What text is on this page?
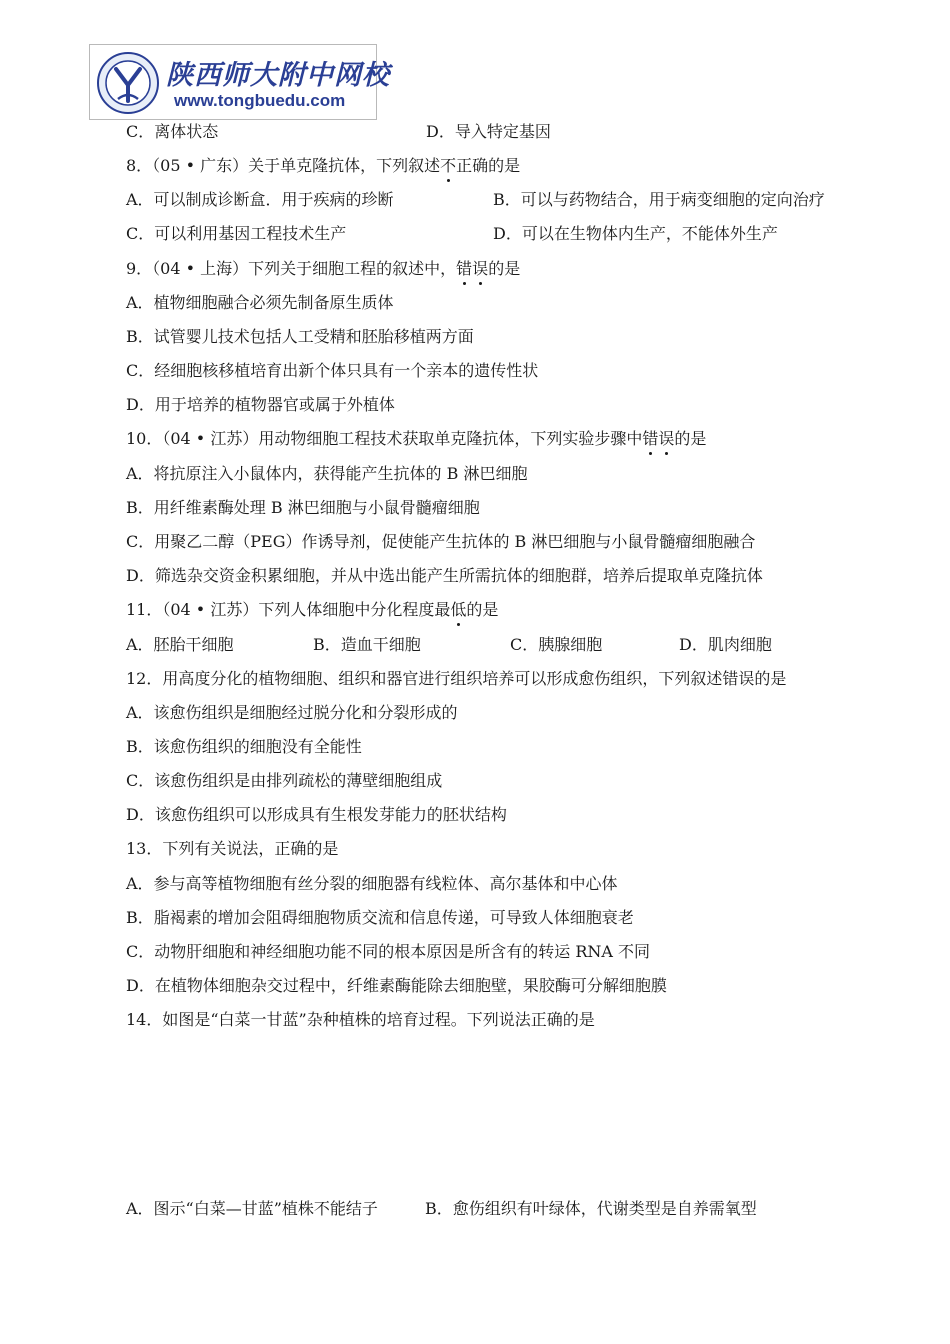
陕西师大附中网校
www.tongbuedu.com
C．离体状态	D．导入特定基因
8．（05 • 广东）关于单克隆抗体，下列叙述不正确的是
A．可以制成诊断盒．用于疾病的珍断	B．可以与药物结合，用于病变细胞的定向治疗
C．可以利用基因工程技术生产	D．可以在生物体内生产，不能体外生产
9．（04 • 上海）下列关于细胞工程的叙述中，错误的是
A．植物细胞融合必须先制备原生质体
B．试管婴儿技术包括人工受精和胚胎移植两方面
C．经细胞核移植培育出新个体只具有一个亲本的遗传性状
D．用于培养的植物器官或属于外植体
10．（04 • 江苏）用动物细胞工程技术获取单克隆抗体，下列实验步骤中错误的是
A．将抗原注入小鼠体内，获得能产生抗体的 B 淋巴细胞
B．用纤维素酶处理 B 淋巴细胞与小鼠骨髓瘤细胞
C．用聚乙二醇（PEG）作诱导剂，促使能产生抗体的 B 淋巴细胞与小鼠骨髓瘤细胞融合
D．筛选杂交资金积累细胞，并从中选出能产生所需抗体的细胞群，培养后提取单克隆抗体
11．（04 • 江苏）下列人体细胞中分化程度最低的是
A．胚胎干细胞	B．造血干细胞	C．胰腺细胞	D．肌肉细胞
12．用高度分化的植物细胞、组织和器官进行组织培养可以形成愈伤组织，下列叙述错误的是
A．该愈伤组织是细胞经过脱分化和分裂形成的
B．该愈伤组织的细胞没有全能性
C．该愈伤组织是由排列疏松的薄壁细胞组成
D．该愈伤组织可以形成具有生根发芽能力的胚状结构
13．下列有关说法，正确的是
A．参与高等植物细胞有丝分裂的细胞器有线粒体、高尔基体和中心体
B．脂褐素的增加会阻碍细胞物质交流和信息传递，可导致人体细胞衰老
C．动物肝细胞和神经细胞功能不同的根本原因是所含有的转运 RNA 不同
D．在植物体细胞杂交过程中，纤维素酶能除去细胞壁，果胶酶可分解细胞膜
14．如图是“白菜一甘蓝”杂种植株的培育过程。下列说法正确的是
A．图示“白菜—甘蓝”植株不能结子	B．愈伤组织有叶绿体，代谢类型是自养需氧型
